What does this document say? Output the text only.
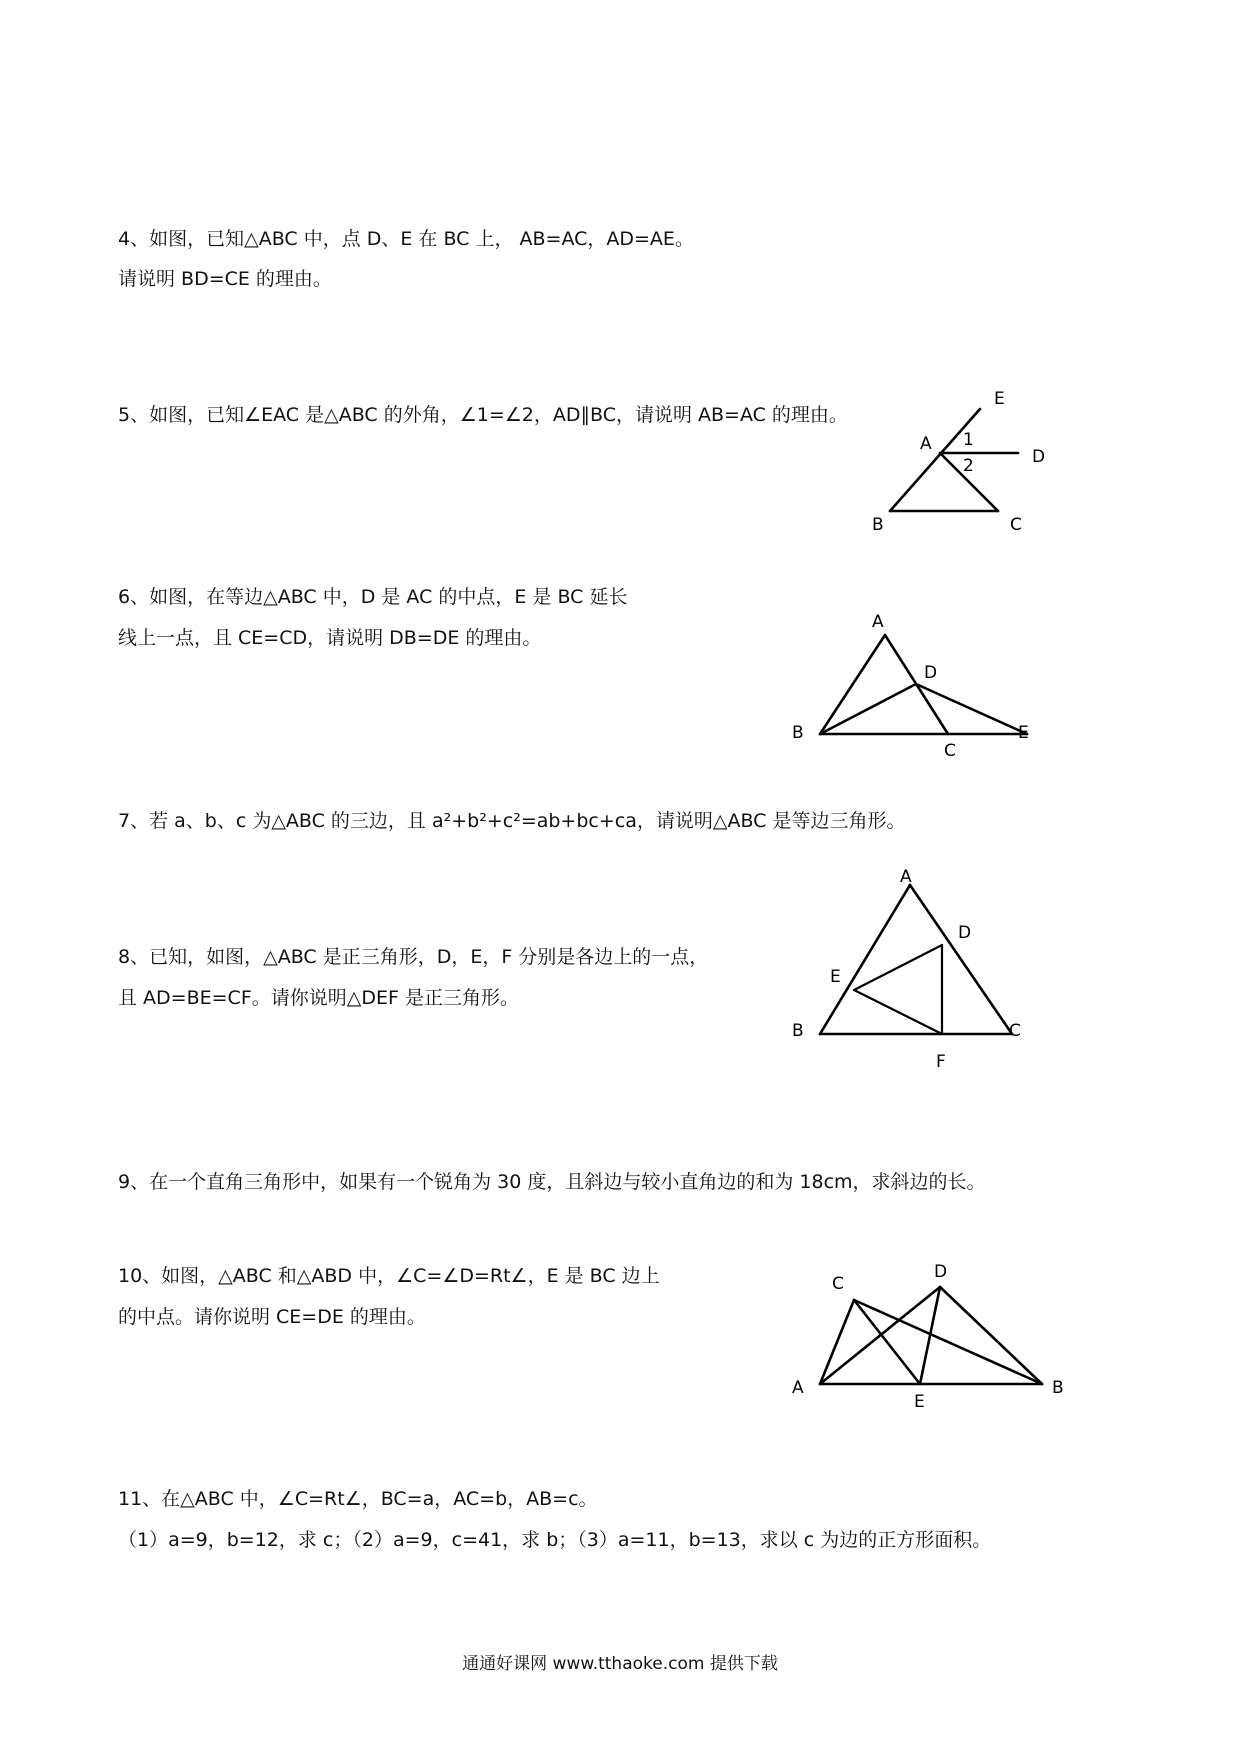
4、如图，已知△ABC 中，点 D、E 在 BC 上， AB=AC，AD=AE。
请说明 BD=CE 的理由。
5、如图，已知∠EAC 是△ABC 的外角，∠1=∠2，AD∥BC，请说明 AB=AC 的理由。
E
1
A
2	D
B	C
6、如图，在等边△ABC 中，D 是 AC 的中点，E 是 BC 延长
线上一点，且 CE=CD，请说明 DB=DE 的理由。
A
D
B	E
C
7、若 a、b、c 为△ABC 的三边，且 a²+b²+c²=ab+bc+ca，请说明△ABC 是等边三角形。
8、已知，如图，△ABC 是正三角形，D，E，F 分别是各边上的一点，
且 AD=BE=CF。请你说明△DEF 是正三角形。
A
D
E
B	C
F
9、在一个直角三角形中，如果有一个锐角为 30 度，且斜边与较小直角边的和为 18cm，求斜边的长。
10、如图，△ABC 和△ABD 中，∠C=∠D=Rt∠，E 是 BC 边上
的中点。请你说明 CE=DE 的理由。
C
D
A	B
E
11、在△ABC 中，∠C=Rt∠，BC=a，AC=b，AB=c。
（1）a=9，b=12，求 c；（2）a=9，c=41，求 b；（3）a=11，b=13，求以 c 为边的正方形面积。
通通好课网 www.tthaoke.com 提供下载
